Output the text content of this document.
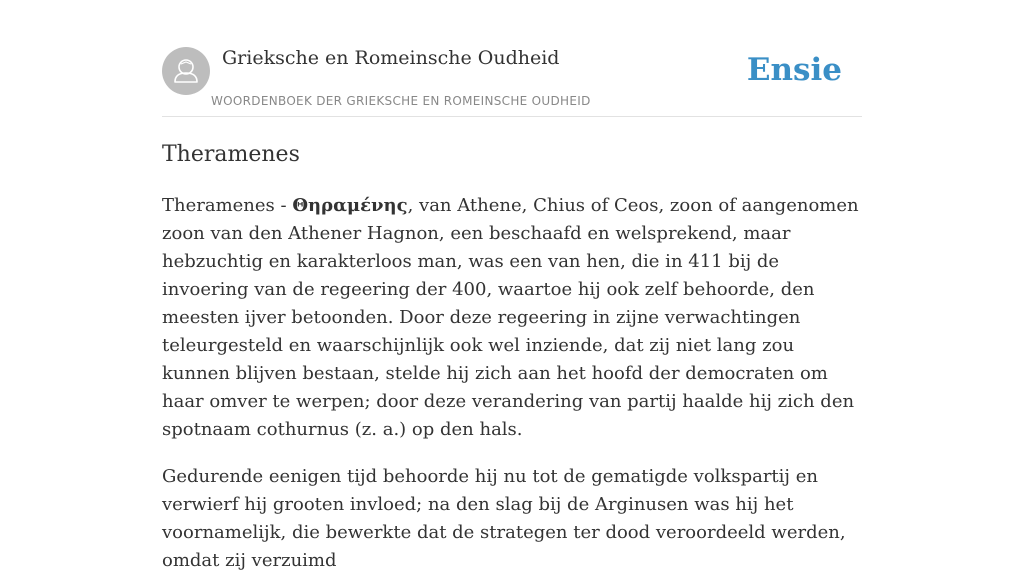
Grieksche en Romeinsche Oudheid
WOORDENBOEK DER GRIEKSCHE EN ROMEINSCHE OUDHEID
Ensie
Theramenes

Theramenes - Θηραμένης, van Athene, Chius of Ceos, zoon of aangenomen zoon van den Athener Hagnon, een beschaafd en welsprekend, maar hebzuchtig en karakterloos man, was een van hen, die in 411 bij de invoering van de regeering der 400, waartoe hij ook zelf behoorde, den meesten ijver betoonden. Door deze regeering in zijne verwachtingen teleurgesteld en waarschijnlijk ook wel inziende, dat zij niet lang zou kunnen blijven bestaan, stelde hij zich aan het hoofd der democraten om haar omver te werpen; door deze verandering van partij haalde hij zich den spotnaam cothurnus (z. a.) op den hals.

Gedurende eenigen tijd behoorde hij nu tot de gematigde volkspartij en verwierf hij grooten invloed; na den slag bij de Arginusen was hij het voornamelijk, die bewerkte dat de strategen ter dood veroordeeld werden, omdat zij verzuimd
